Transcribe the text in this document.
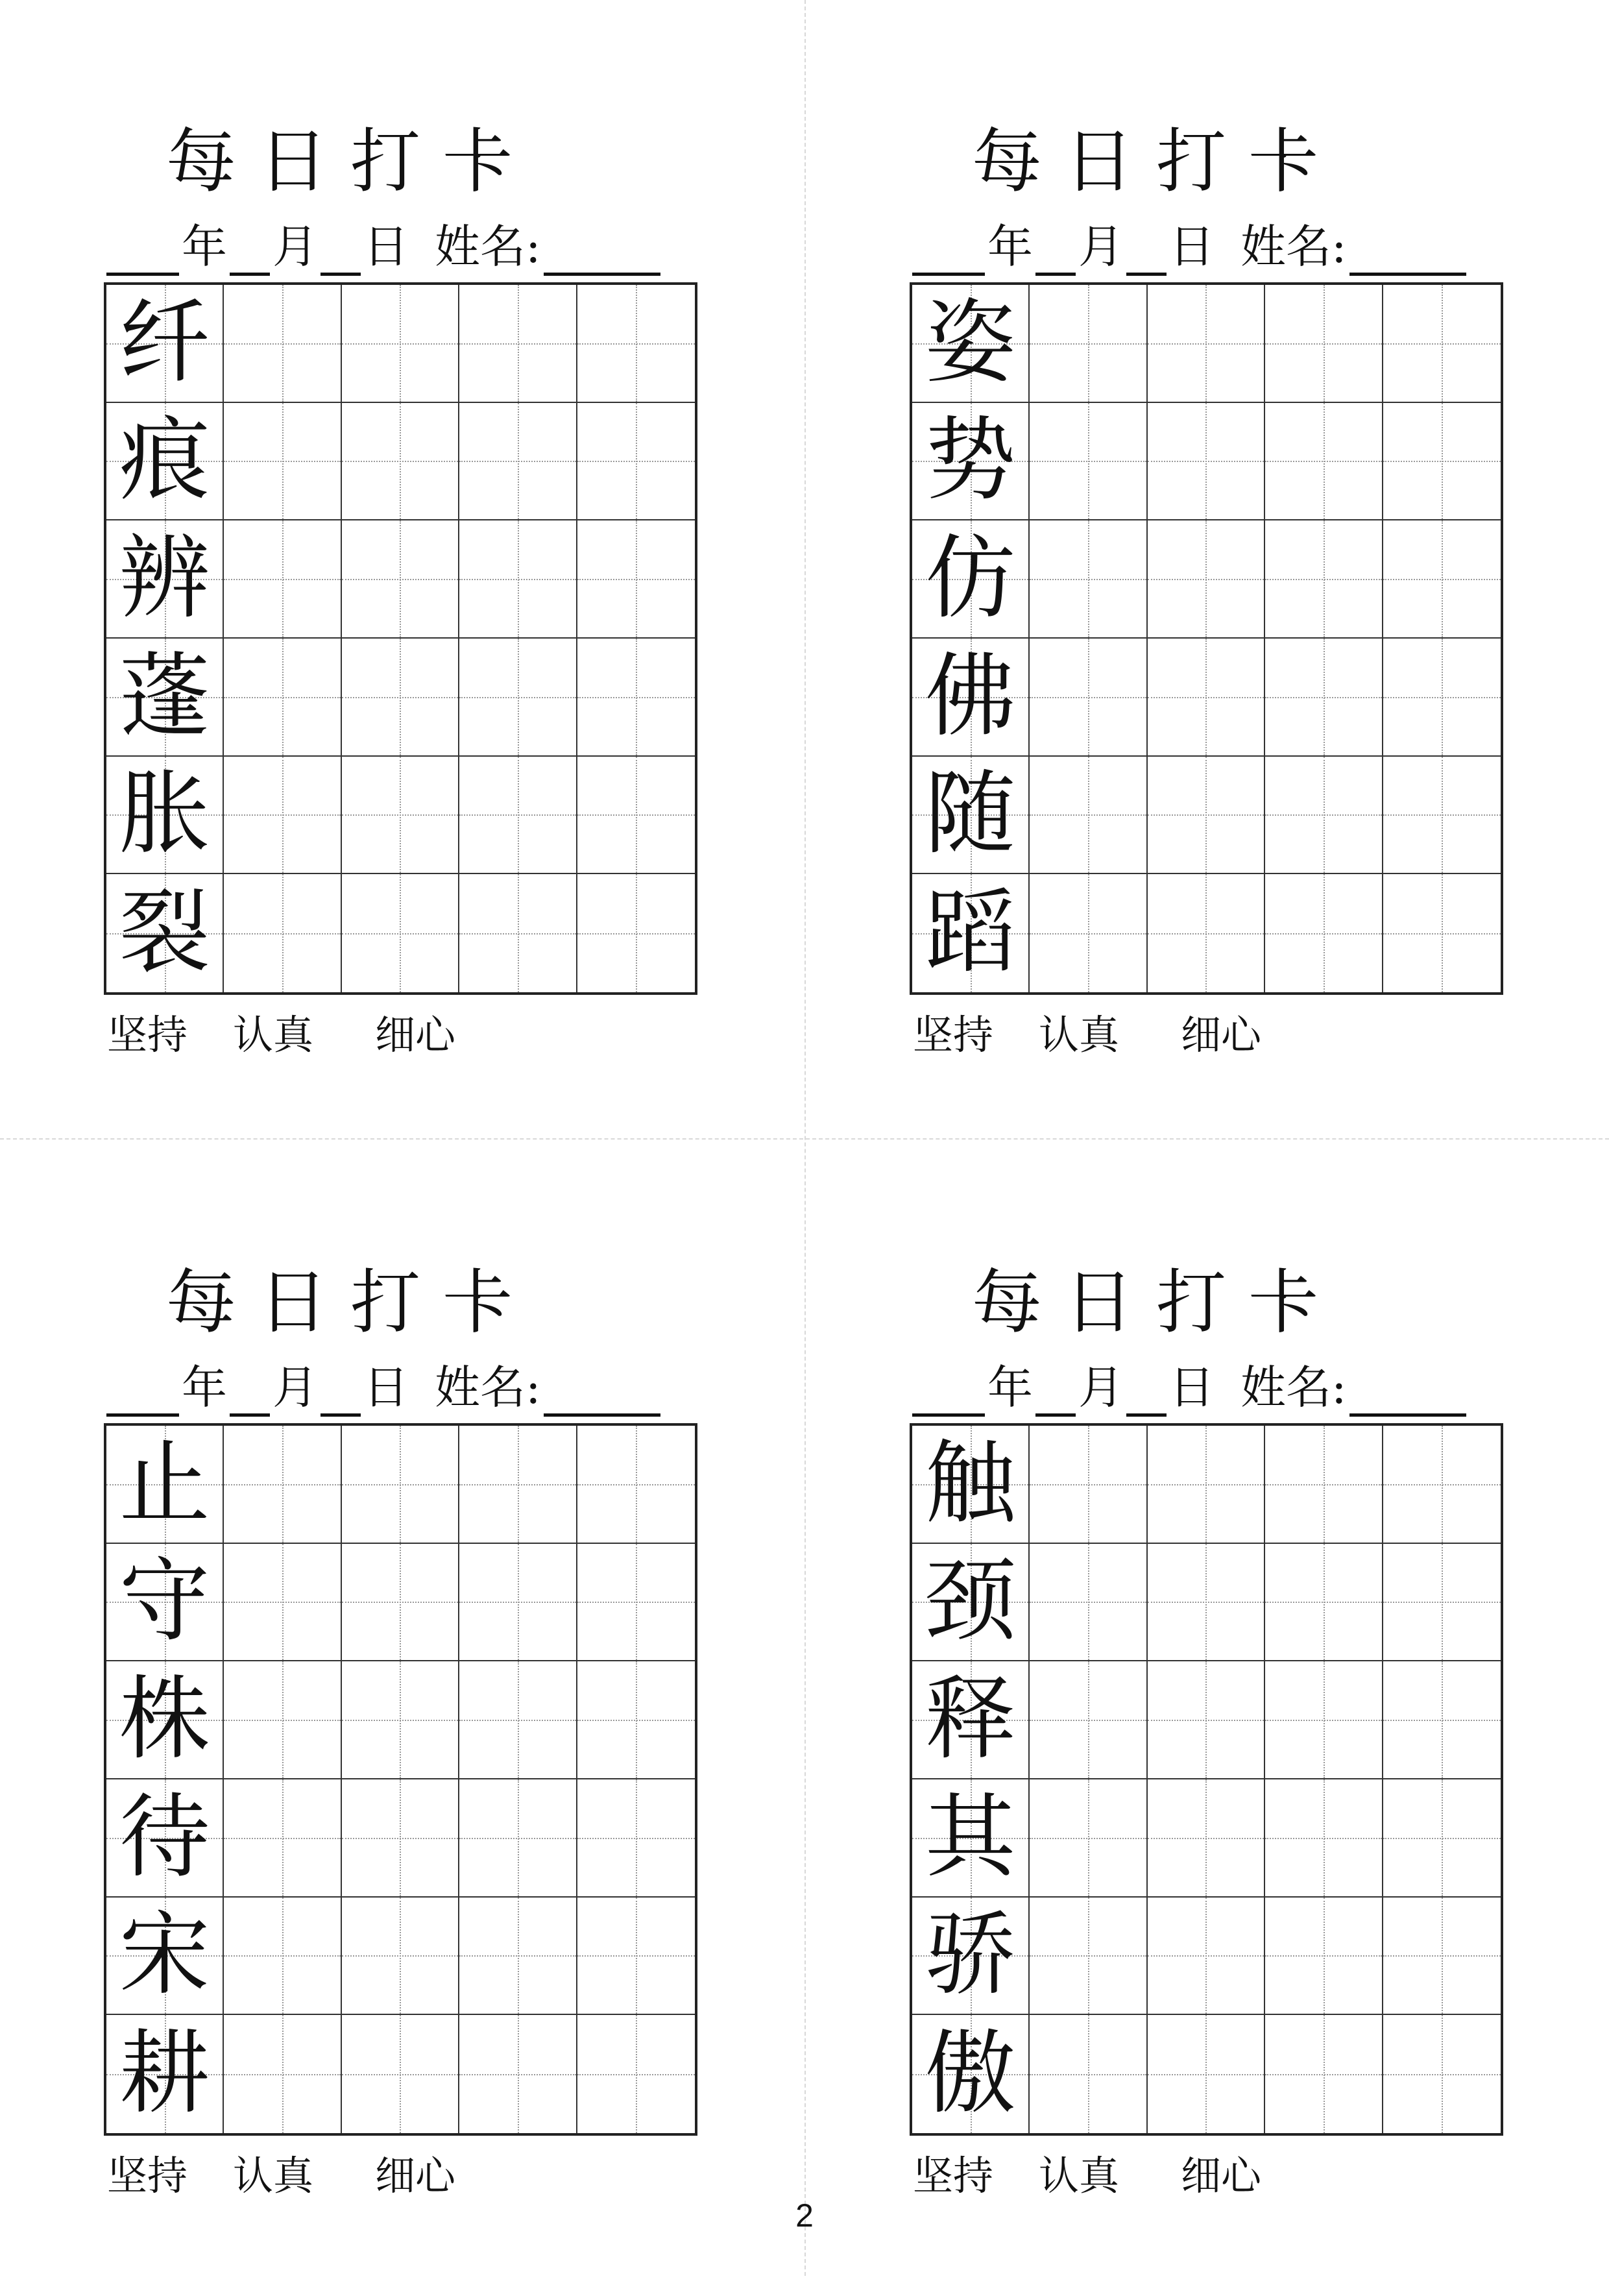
每日打卡
年 月 日 姓名:
纤
痕
辨
蓬
胀
裂
坚持 认真 细心
每日打卡
年 月 日 姓名:
姿
势
仿
佛
随
蹈
坚持 认真 细心
每日打卡
年 月 日 姓名:
止
守
株
待
宋
耕
坚持 认真 细心
每日打卡
年 月 日 姓名:
触
颈
释
其
骄
傲
坚持 认真 细心
2
